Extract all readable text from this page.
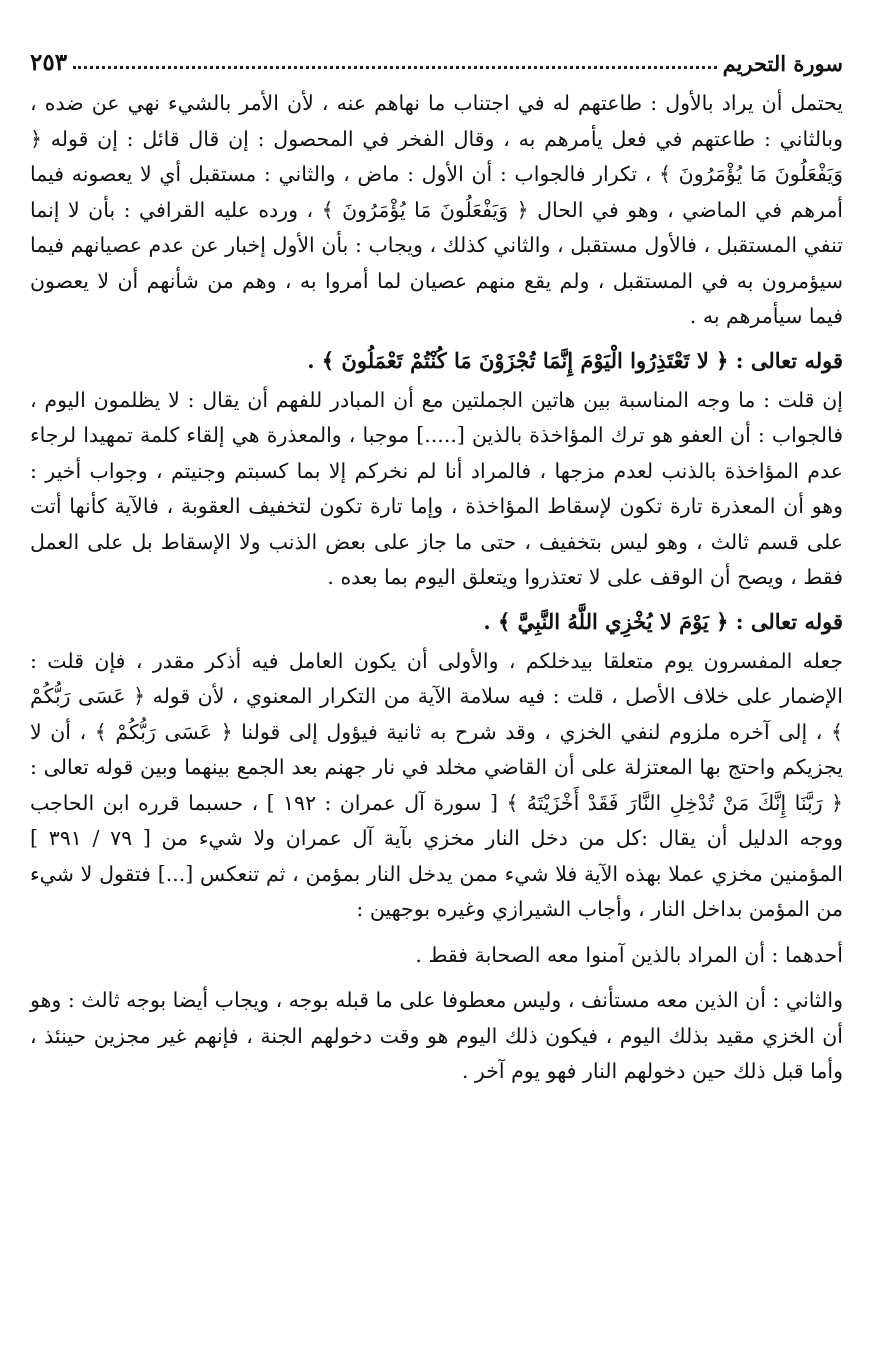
سورة التحريم
٢٥٣

يحتمل أن يراد بالأول : طاعتهم له في اجتناب ما نهاهم عنه ، لأن الأمر بالشيء نهي عن ضده ، وبالثاني : طاعتهم في فعل يأمرهم به ، وقال الفخر في المحصول : إن قال قائل : إن قوله ﴿ وَيَفْعَلُونَ مَا يُؤْمَرُونَ ﴾ ، تكرار فالجواب : أن الأول : ماض ، والثاني : مستقبل أي لا يعصونه فيما أمرهم في الماضي ، وهو في الحال ﴿ وَيَفْعَلُونَ مَا يُؤْمَرُونَ ﴾ ، ورده عليه القرافي : بأن لا إنما تنفي المستقبل ، فالأول مستقبل ، والثاني كذلك ، ويجاب : بأن الأول إخبار عن عدم عصيانهم فيما سيؤمرون به في المستقبل ، ولم يقع منهم عصيان لما أمروا به ، وهم من شأنهم أن لا يعصون فيما سيأمرهم به .

قوله تعالى : ﴿ لا تَعْتَذِرُوا الْيَوْمَ إِنَّمَا تُجْزَوْنَ مَا كُنْتُمْ تَعْمَلُونَ ﴾ .

إن قلت : ما وجه المناسبة بين هاتين الجملتين مع أن المبادر للفهم أن يقال : لا يظلمون اليوم ، فالجواب : أن العفو هو ترك المؤاخذة بالذين [.....] موجبا ، والمعذرة هي إلقاء كلمة تمهيدا لرجاء عدم المؤاخذة بالذنب لعدم مزجها ، فالمراد أنا لم نخركم إلا بما كسبتم وجنيتم ، وجواب أخير : وهو أن المعذرة تارة تكون لإسقاط المؤاخذة ، وإما تارة تكون لتخفيف العقوبة ، فالآية كأنها أتت على قسم ثالث ، وهو ليس بتخفيف ، حتى ما جاز على بعض الذنب ولا الإسقاط بل على العمل فقط ، ويصح أن الوقف على لا تعتذروا ويتعلق اليوم بما بعده .

قوله تعالى : ﴿ يَوْمَ لا يُخْزِي اللَّهُ النَّبِيَّ ﴾ .

جعله المفسرون يوم متعلقا بيدخلكم ، والأولى أن يكون العامل فيه أذكر مقدر ، فإن قلت : الإضمار على خلاف الأصل ، قلت : فيه سلامة الآية من التكرار المعنوي ، لأن قوله ﴿ عَسَى رَبُّكُمْ ﴾ ، إلى آخره ملزوم لنفي الخزي ، وقد شرح به ثانية فيؤول إلى قولنا ﴿ عَسَى رَبُّكُمْ ﴾ ، أن لا يجزيكم واحتج بها المعتزلة على أن القاضي مخلد في نار جهنم بعد الجمع بينهما وبين قوله تعالى : ﴿ رَبَّنَا إِنَّكَ مَنْ تُدْخِلِ النَّارَ فَقَدْ أَخْزَيْتَهُ ﴾ [ سورة آل عمران : ١٩٢ ] ، حسبما قرره ابن الحاجب ووجه الدليل أن يقال :كل من دخل النار مخزي بآية آل عمران ولا شيء من [ ٧٩ / ٣٩١ ] المؤمنين مخزي عملا بهذه الآية فلا شيء ممن يدخل النار بمؤمن ، ثم تنعكس [...] فتقول لا شيء من المؤمن بداخل النار ، وأجاب الشيرازي وغيره بوجهين :

أحدهما : أن المراد بالذين آمنوا معه الصحابة فقط .

والثاني : أن الذين معه مستأنف ، وليس معطوفا على ما قبله بوجه ، ويجاب أيضا بوجه ثالث : وهو أن الخزي مقيد بذلك اليوم ، فيكون ذلك اليوم هو وقت دخولهم الجنة ، فإنهم غير مجزين حينئذ ، وأما قبل ذلك حين دخولهم النار فهو يوم آخر .
